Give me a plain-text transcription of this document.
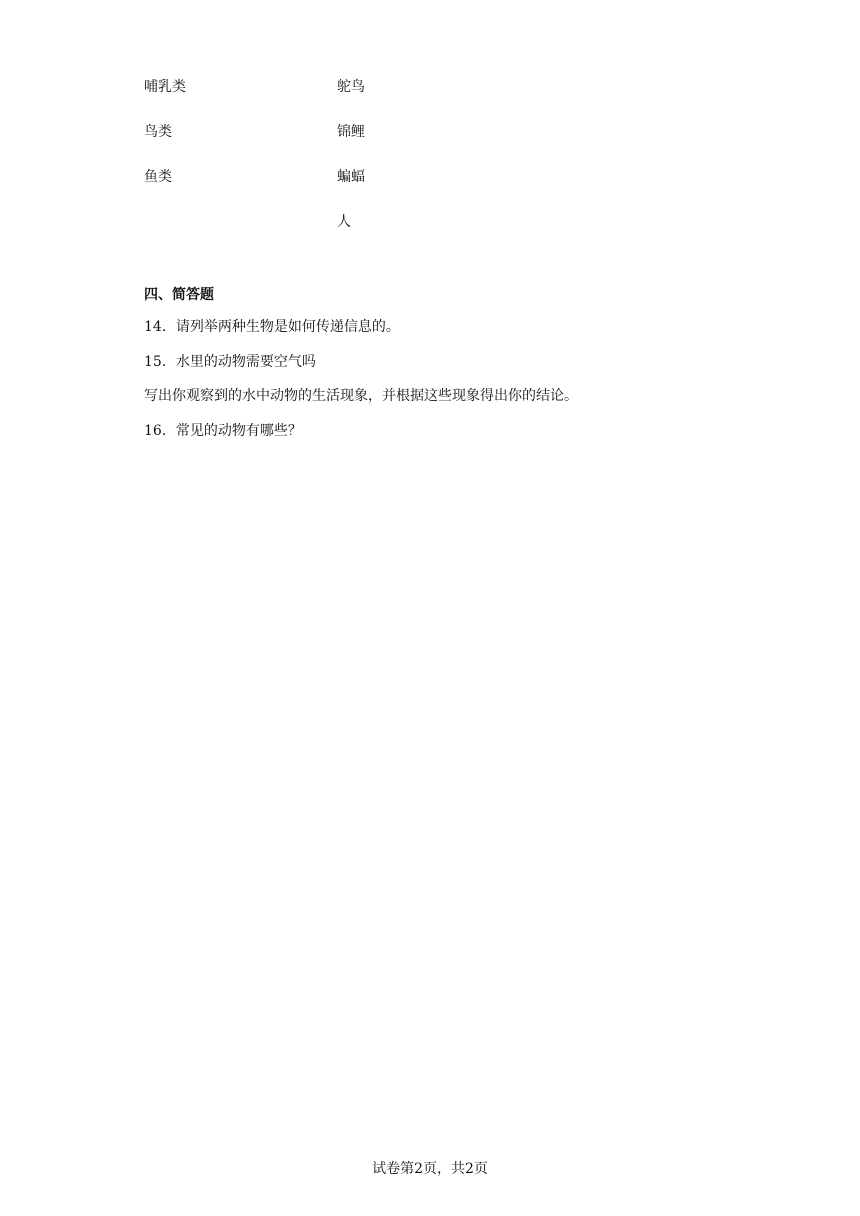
哺乳类
鸟类
鱼类
鸵鸟
锦鲤
蝙蝠
人
四、简答题
14．请列举两种生物是如何传递信息的。
15．水里的动物需要空气吗
写出你观察到的水中动物的生活现象，并根据这些现象得出你的结论。
16．常见的动物有哪些？
试卷第2页，共2页
